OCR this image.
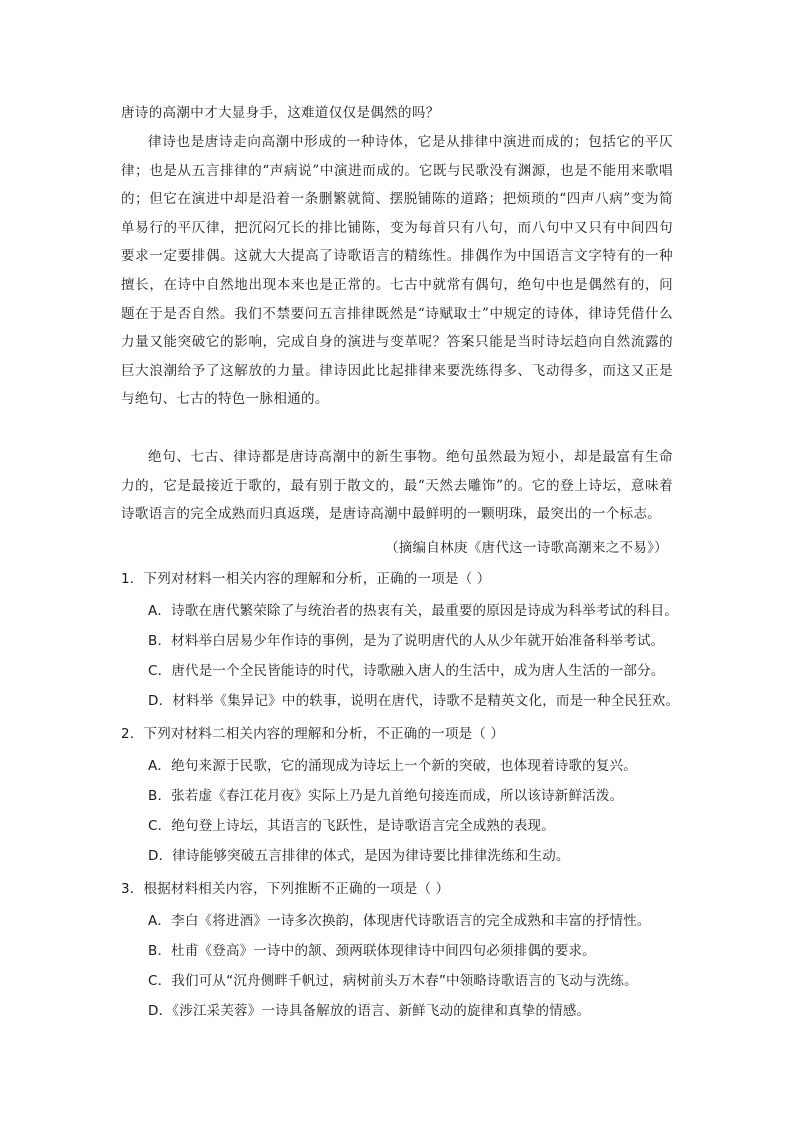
唐诗的高潮中才大显身手，这难道仅仅是偶然的吗？

律诗也是唐诗走向高潮中形成的一种诗体，它是从排律中演进而成的；包括它的平仄律；也是从五言排律的“声病说”中演进而成的。它既与民歌没有渊源，也是不能用来歌唱的；但它在演进中却是沿着一条删繁就简、摆脱铺陈的道路；把烦琐的“四声八病”变为简单易行的平仄律，把沉闷冗长的排比铺陈，变为每首只有八句，而八句中又只有中间四句要求一定要排偶。这就大大提高了诗歌语言的精练性。排偶作为中国语言文字特有的一种擅长，在诗中自然地出现本来也是正常的。七古中就常有偶句，绝句中也是偶然有的，问题在于是否自然。我们不禁要问五言排律既然是“诗赋取士”中规定的诗体，律诗凭借什么力量又能突破它的影响，完成自身的演进与变革呢？答案只能是当时诗坛趋向自然流露的巨大浪潮给予了这解放的力量。律诗因此比起排律来要洗练得多、飞动得多，而这又正是与绝句、七古的特色一脉相通的。

绝句、七古、律诗都是唐诗高潮中的新生事物。绝句虽然最为短小，却是最富有生命力的，它是最接近于歌的，最有别于散文的，最“天然去雕饰”的。它的登上诗坛，意味着诗歌语言的完全成熟而归真返璞，是唐诗高潮中最鲜明的一颗明珠，最突出的一个标志。

（摘编自林庚《唐代这一诗歌高潮来之不易》）
1．下列对材料一相关内容的理解和分析，正确的一项是（ ）
A．诗歌在唐代繁荣除了与统治者的热衷有关，最重要的原因是诗成为科举考试的科目。
B．材料举白居易少年作诗的事例，是为了说明唐代的人从少年就开始准备科举考试。
C．唐代是一个全民皆能诗的时代，诗歌融入唐人的生活中，成为唐人生活的一部分。
D．材料举《集异记》中的轶事，说明在唐代，诗歌不是精英文化，而是一种全民狂欢。
2．下列对材料二相关内容的理解和分析，不正确的一项是（ ）
A．绝句来源于民歌，它的涌现成为诗坛上一个新的突破，也体现着诗歌的复兴。
B．张若虚《春江花月夜》实际上乃是九首绝句接连而成，所以该诗新鲜活泼。
C．绝句登上诗坛，其语言的飞跃性，是诗歌语言完全成熟的表现。
D．律诗能够突破五言排律的体式，是因为律诗要比排律洗练和生动。
3．根据材料相关内容，下列推断不正确的一项是（ ）
A．李白《将进酒》一诗多次换韵，体现唐代诗歌语言的完全成熟和丰富的抒情性。
B．杜甫《登高》一诗中的颔、颈两联体现律诗中间四句必须排偶的要求。
C．我们可从“沉舟侧畔千帆过，病树前头万木春”中领略诗歌语言的飞动与洗练。
D．《涉江采芙蓉》一诗具备解放的语言、新鲜飞动的旋律和真挚的情感。
